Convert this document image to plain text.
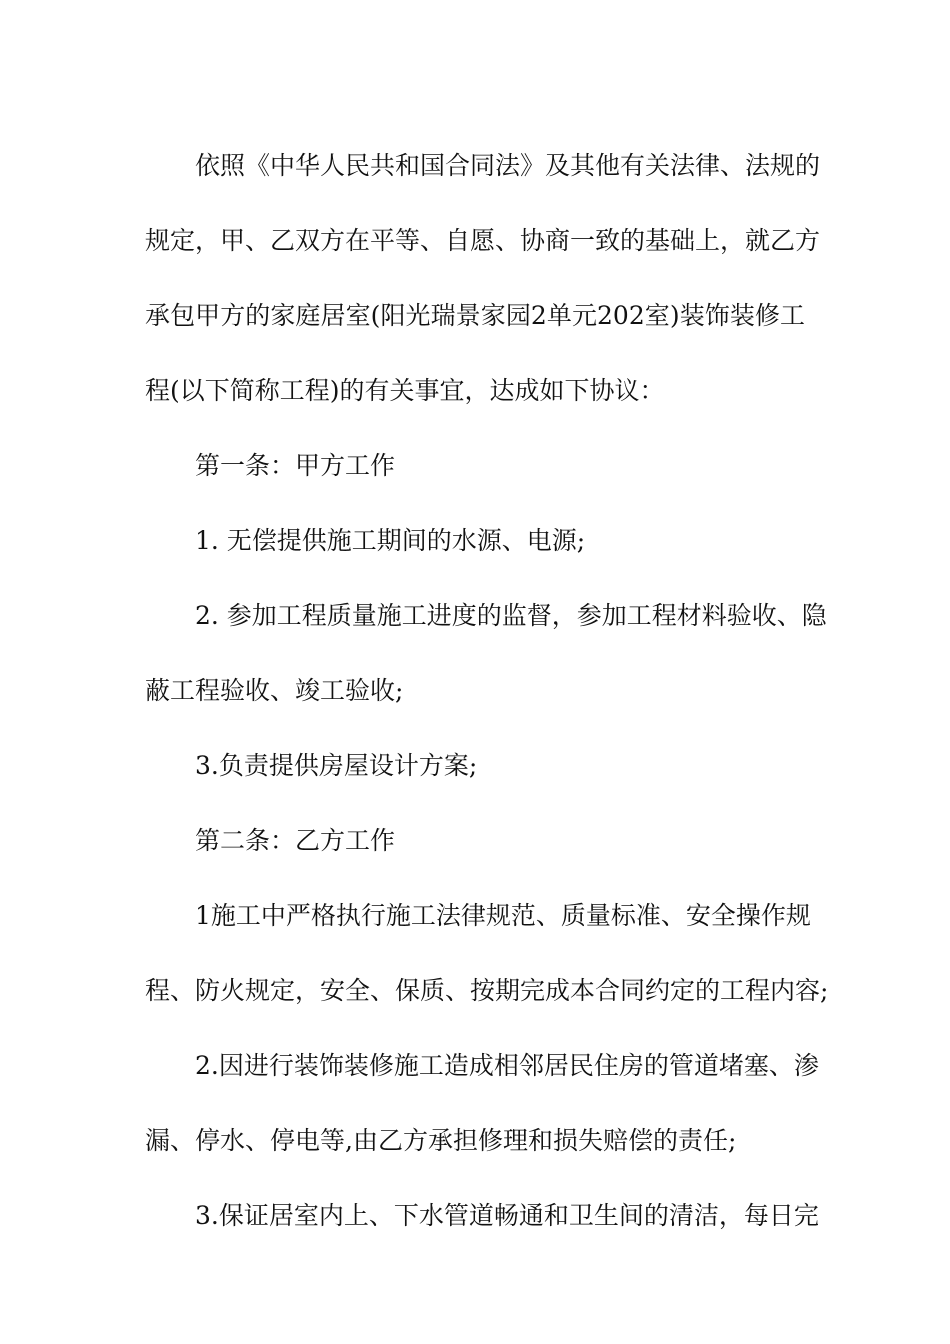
依照《中华人民共和国合同法》及其他有关法律、法规的
规定，甲、乙双方在平等、自愿、协商一致的基础上，就乙方
承包甲方的家庭居室(阳光瑞景家园2单元202室)装饰装修工
程(以下简称工程)的有关事宜，达成如下协议：

第一条：甲方工作

1. 无偿提供施工期间的水源、电源;

2. 参加工程质量施工进度的监督，参加工程材料验收、隐
蔽工程验收、竣工验收;

3.负责提供房屋设计方案;

第二条：乙方工作

1施工中严格执行施工法律规范、质量标准、安全操作规
程、防火规定，安全、保质、按期完成本合同约定的工程内容;

2.因进行装饰装修施工造成相邻居民住房的管道堵塞、渗
漏、停水、停电等,由乙方承担修理和损失赔偿的责任;

3.保证居室内上、下水管道畅通和卫生间的清洁，每日完
